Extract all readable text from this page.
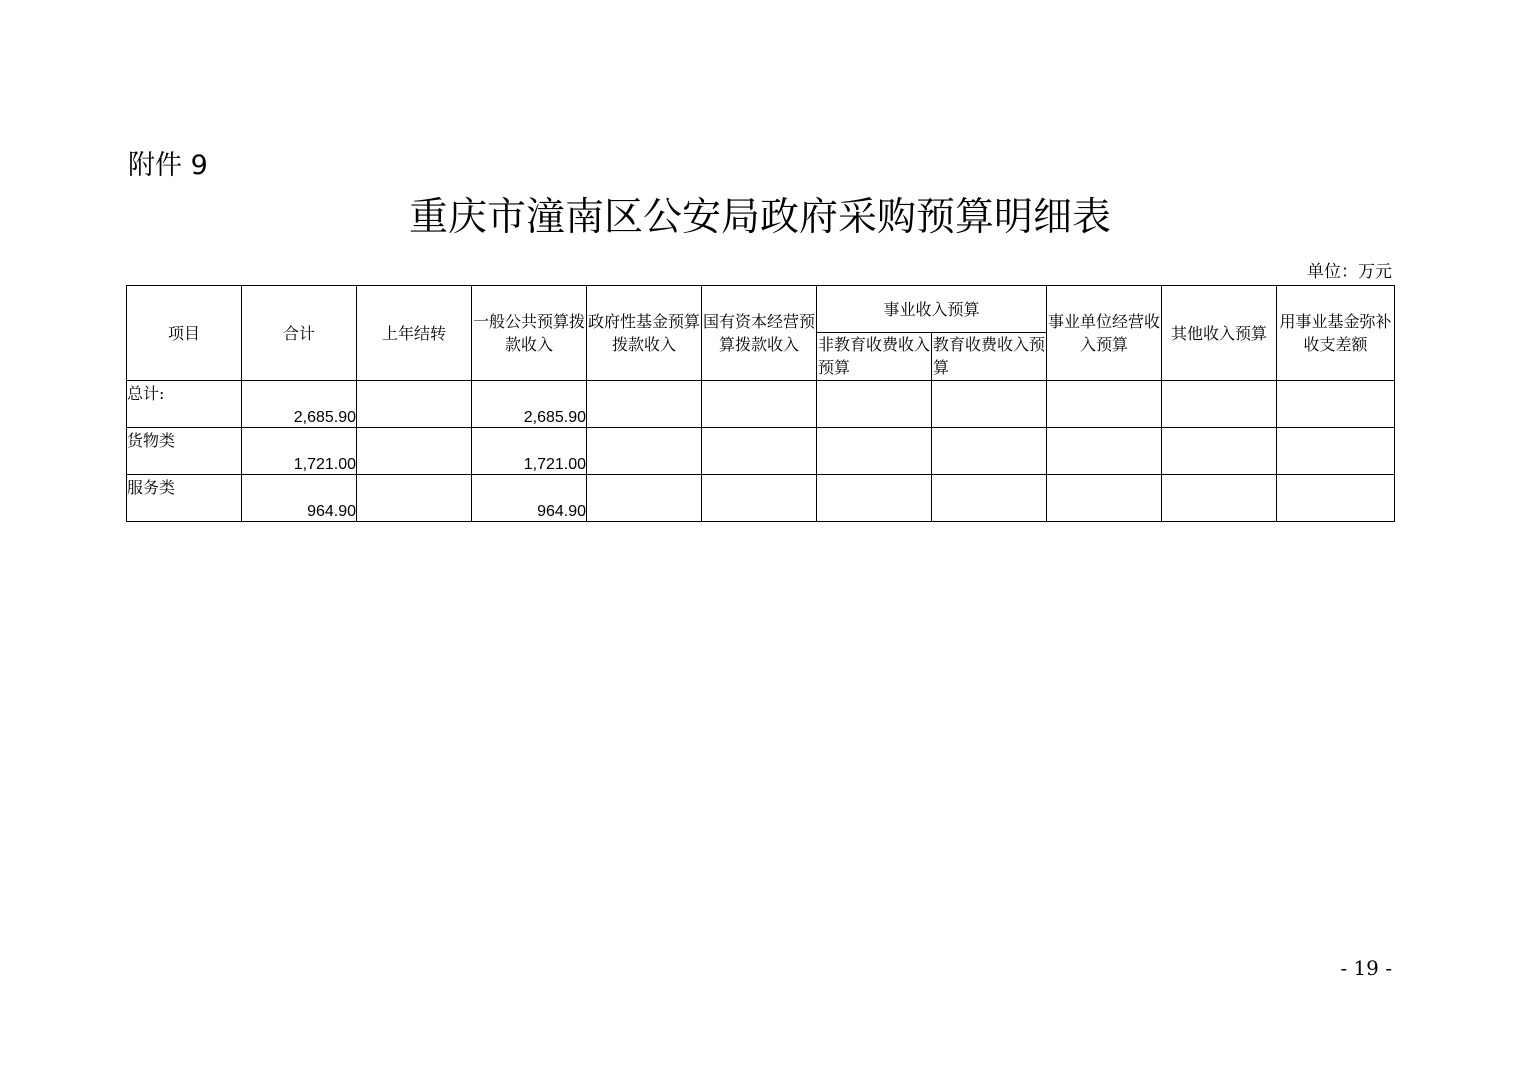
附件 9
重庆市潼南区公安局政府采购预算明细表
单位：万元
项目	合计	上年结转	一般公共预算拨款收入	政府性基金预算拨款收入	国有资本经营预算拨款收入	事业收入预算		事业单位经营收入预算	其他收入预算	用事业基金弥补收支差额
						非教育收费收入预算	教育收费收入预算			
总计:	2,685.90		2,685.90							
货物类	1,721.00		1,721.00							
服务类	964.90		964.90							
- 19 -
